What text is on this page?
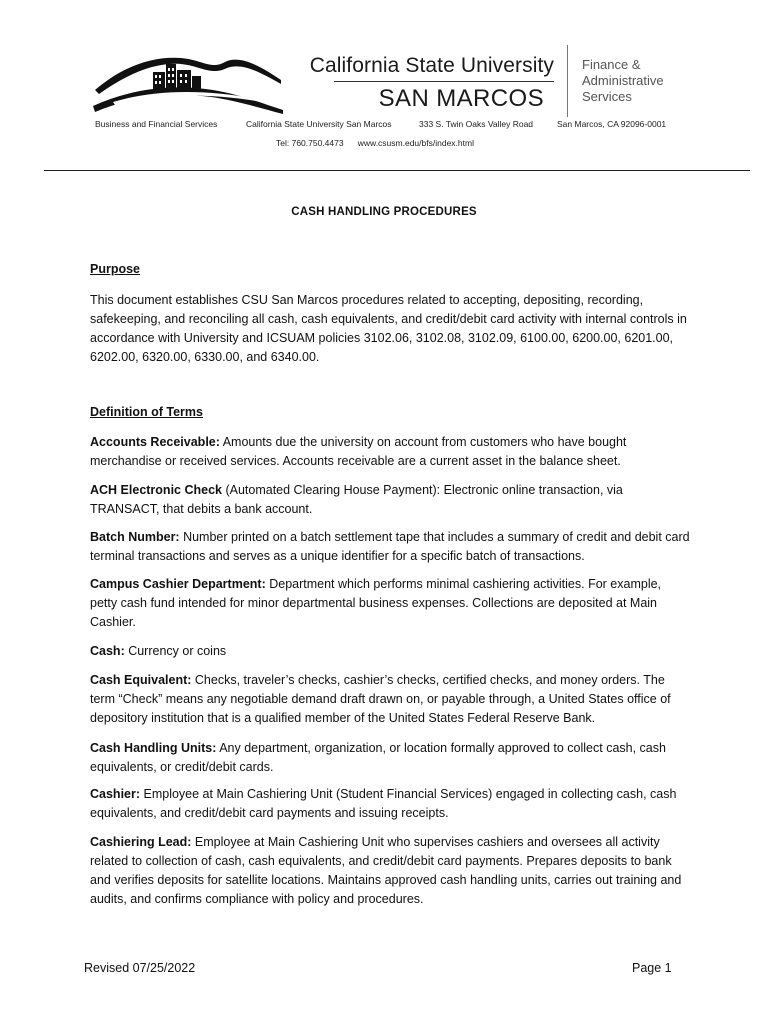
California State University
SAN MARCOS
Finance &
Administrative
Services
Business and Financial Services	California State University San Marcos	333 S. Twin Oaks Valley Road	San Marcos, CA 92096-0001
Tel: 760.750.4473      www.csusm.edu/bfs/index.html
CASH HANDLING PROCEDURES
Purpose
This document establishes CSU San Marcos procedures related to accepting, depositing, recording, safekeeping, and reconciling all cash, cash equivalents, and credit/debit card activity with internal controls in accordance with University and ICSUAM policies 3102.06, 3102.08, 3102.09, 6100.00, 6200.00, 6201.00, 6202.00, 6320.00, 6330.00, and 6340.00.
Definition of Terms
Accounts Receivable: Amounts due the university on account from customers who have bought merchandise or received services. Accounts receivable are a current asset in the balance sheet.
ACH Electronic Check (Automated Clearing House Payment): Electronic online transaction, via TRANSACT, that debits a bank account.
Batch Number: Number printed on a batch settlement tape that includes a summary of credit and debit card terminal transactions and serves as a unique identifier for a specific batch of transactions.
Campus Cashier Department: Department which performs minimal cashiering activities. For example, petty cash fund intended for minor departmental business expenses. Collections are deposited at Main Cashier.
Cash: Currency or coins
Cash Equivalent: Checks, traveler’s checks, cashier’s checks, certified checks, and money orders. The term “Check” means any negotiable demand draft drawn on, or payable through, a United States office of depository institution that is a qualified member of the United States Federal Reserve Bank.
Cash Handling Units: Any department, organization, or location formally approved to collect cash, cash equivalents, or credit/debit cards.
Cashier: Employee at Main Cashiering Unit (Student Financial Services) engaged in collecting cash, cash equivalents, and credit/debit card payments and issuing receipts.
Cashiering Lead: Employee at Main Cashiering Unit who supervises cashiers and oversees all activity related to collection of cash, cash equivalents, and credit/debit card payments. Prepares deposits to bank and verifies deposits for satellite locations. Maintains approved cash handling units, carries out training and audits, and confirms compliance with policy and procedures.
Revised 07/25/2022	Page 1
